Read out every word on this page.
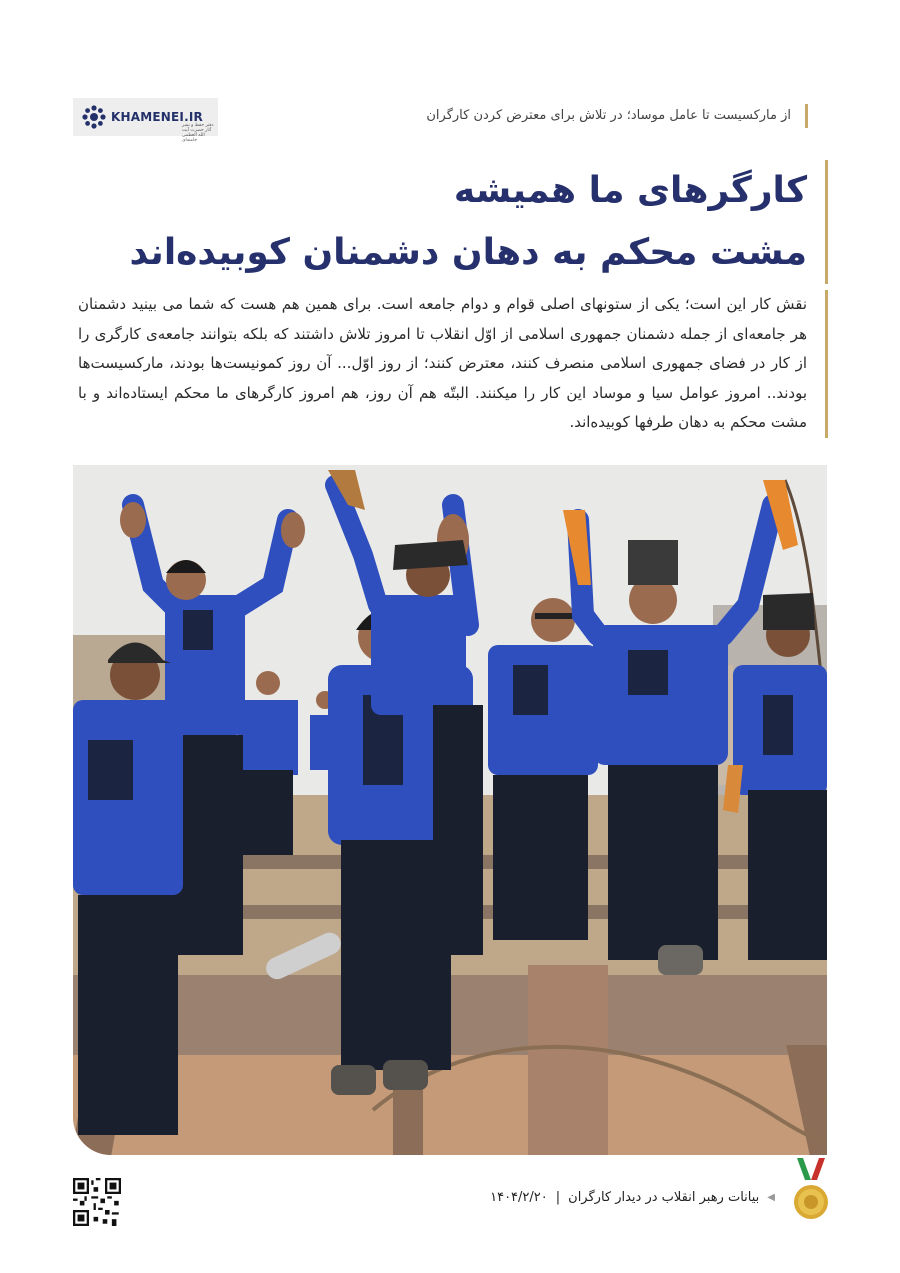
KHAMENEI.IR
دفتر حفظ و نشر آثار حضرت آیت الله العظمی خامنه‌ای
از مارکسیست تا عامل موساد؛ در تلاش برای معترض کردن کارگران
کارگرهای ما همیشه
مشت محکم به دهان دشمنان کوبیده‌اند
نقش کار این است؛ یکی از ستونهای اصلی قوام و دوام جامعه است. برای همین هم هست که شما می بینید دشمنان هر جامعه‌ای از جمله دشمنان جمهوری اسلامی از اوّل انقلاب تا امروز تلاش داشتند که بلکه بتوانند جامعه‌ی کارگری را از کار در فضای جمهوری اسلامی منصرف کنند، معترض کنند؛ از روز اوّل... آن روز کمونیست‌ها بودند، مارکسیست‌ها بودند.. امروز عوامل سیا و موساد این کار را میکنند. البتّه هم آن روز، هم امروز کارگرهای ما محکم ایستاده‌اند و با مشت محکم به دهان طرفها کوبیده‌اند.
◀
بیانات رهبر انقلاب در دیدار کارگران
|
۱۴۰۴/۲/۲۰
